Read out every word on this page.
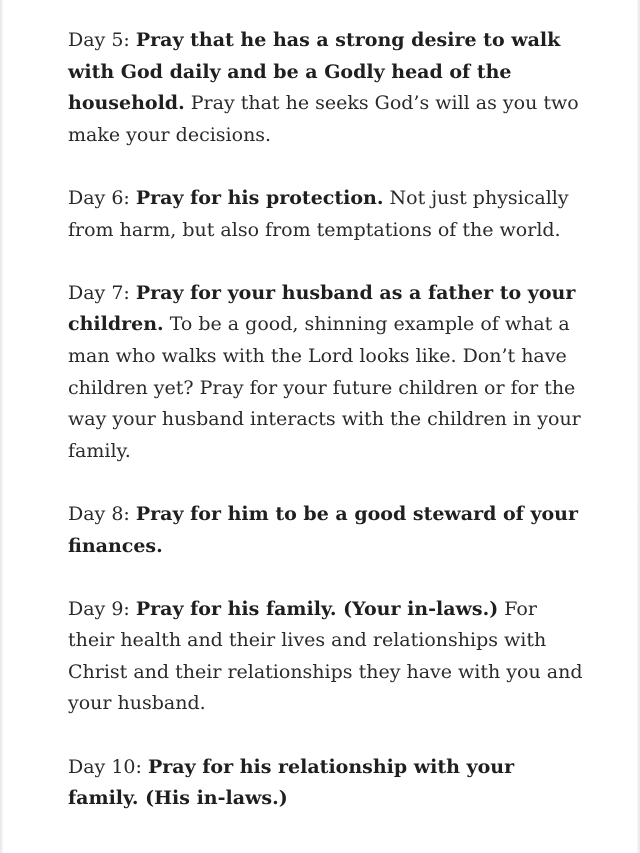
Day 5: Pray that he has a strong desire to walk with God daily and be a Godly head of the household. Pray that he seeks God’s will as you two make your decisions.

Day 6: Pray for his protection. Not just physically from harm, but also from temptations of the world.

Day 7: Pray for your husband as a father to your children. To be a good, shinning example of what a man who walks with the Lord looks like. Don’t have children yet? Pray for your future children or for the way your husband interacts with the children in your family.

Day 8: Pray for him to be a good steward of your finances.

Day 9: Pray for his family. (Your in-laws.) For their health and their lives and relationships with Christ and their relationships they have with you and your husband.

Day 10: Pray for his relationship with your family. (His in-laws.)
